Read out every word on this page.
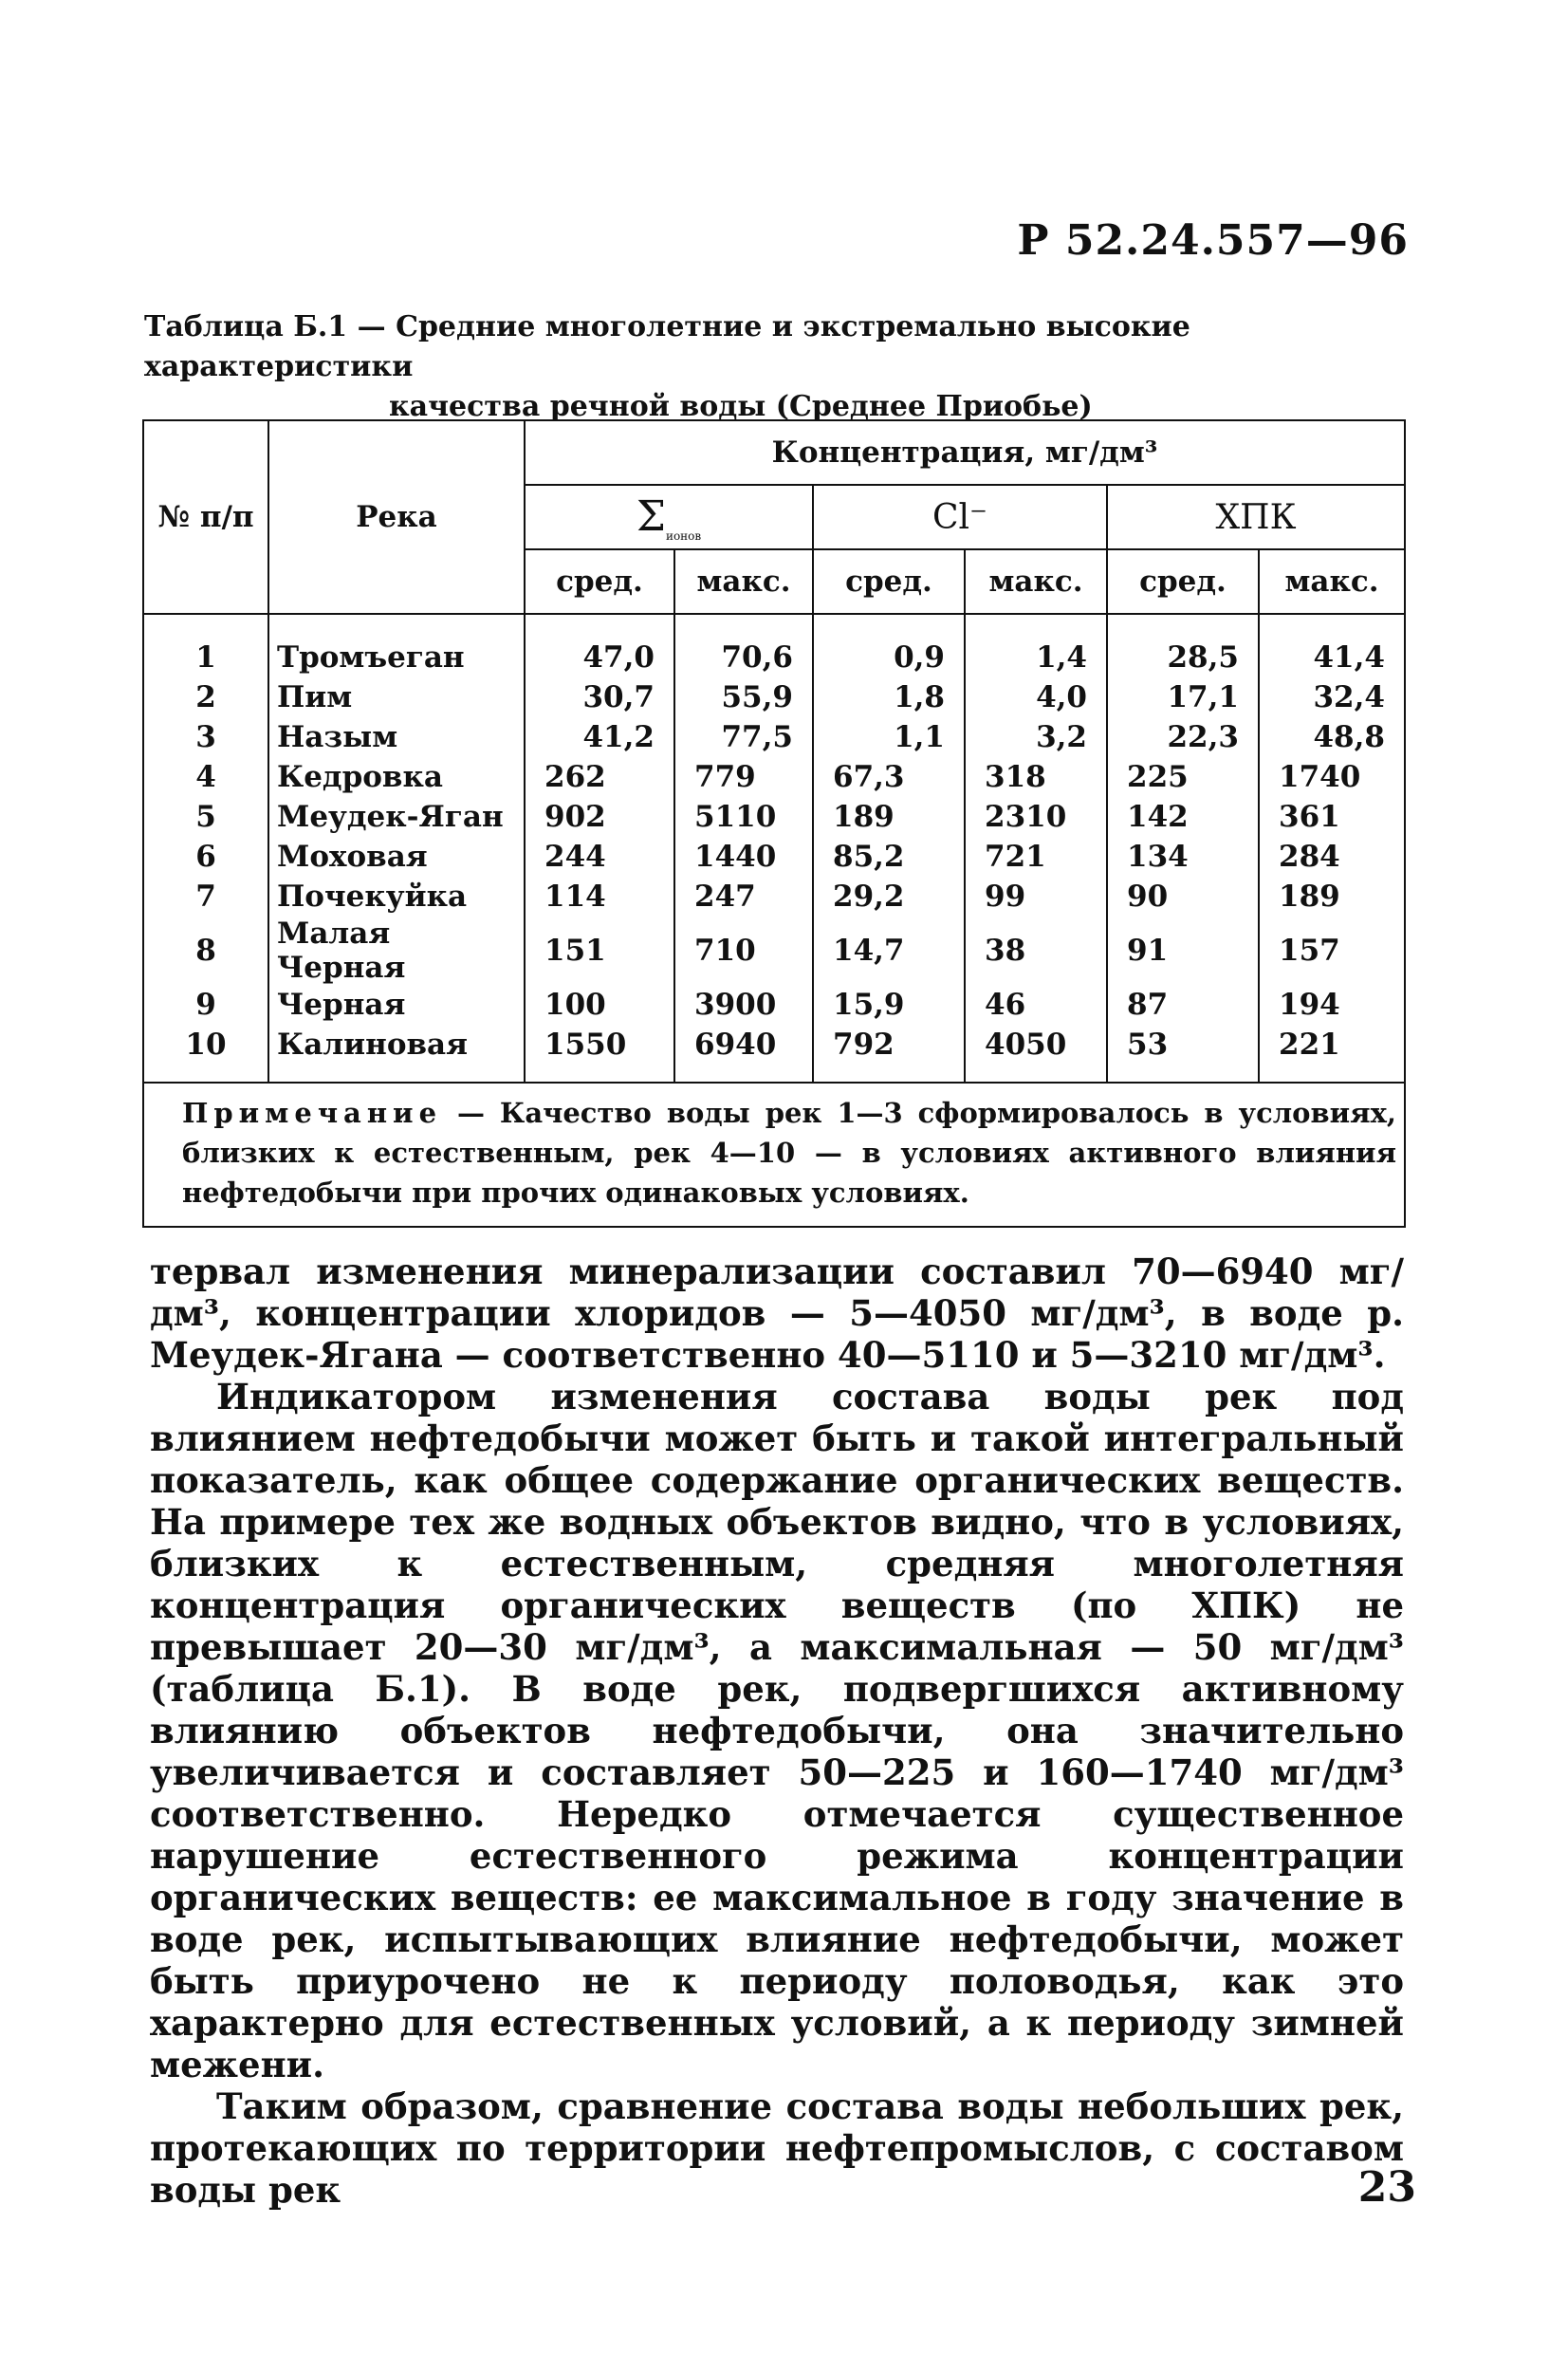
Р 52.24.557—96
Таблица Б.1 — Средние многолетние и экстремально высокие характеристики
качества речной воды (Среднее Приобье)
№ п/п	Река	Концентрация, мг/дм³					
		$\Sigma_{ионов}$		Cl⁻		ХПК	
		сред.	макс.	сред.	макс.	сред.	макс.
1	Тромъеган	47,0	70,6	0,9	1,4	28,5	41,4
2	Пим	30,7	55,9	1,8	4,0	17,1	32,4
3	Назым	41,2	77,5	1,1	3,2	22,3	48,8
4	Кедровка	262	779	67,3	318	225	1740
5	Меудек-Яган	902	5110	189	2310	142	361
6	Моховая	244	1440	85,2	721	134	284
7	Почекуйка	114	247	29,2	99	90	189
8	Малая Черная	151	710	14,7	38	91	157
9	Черная	100	3900	15,9	46	87	194
10	Калиновая	1550	6940	792	4050	53	221
Примечание — Качество воды рек 1—3 сформировалось в условиях, близких к естественным, рек 4—10 — в условиях активного влияния нефтедобычи при прочих одинаковых условиях.							

тервал изменения минерализации составил 70—6940 мг/дм³, концентрации хлоридов — 5—4050 мг/дм³, в воде р. Меудек-Ягана — соответственно 40—5110 и 5—3210 мг/дм³.

Индикатором изменения состава воды рек под влиянием нефтедобычи может быть и такой интегральный показатель, как общее содержание органических веществ. На примере тех же водных объектов видно, что в условиях, близких к естественным, средняя многолетняя концентрация органических веществ (по ХПК) не превышает 20—30 мг/дм³, а максимальная — 50 мг/дм³ (таблица Б.1). В воде рек, подвергшихся активному влиянию объектов нефтедобычи, она значительно увеличивается и составляет 50—225 и 160—1740 мг/дм³ соответственно. Нередко отмечается существенное нарушение естественного режима концентрации органических веществ: ее максимальное в году значение в воде рек, испытывающих влияние нефтедобычи, может быть приурочено не к периоду половодья, как это характерно для естественных условий, а к периоду зимней межени.

Таким образом, сравнение состава воды небольших рек, протекающих по территории нефтепромыслов, с составом воды рек	23
